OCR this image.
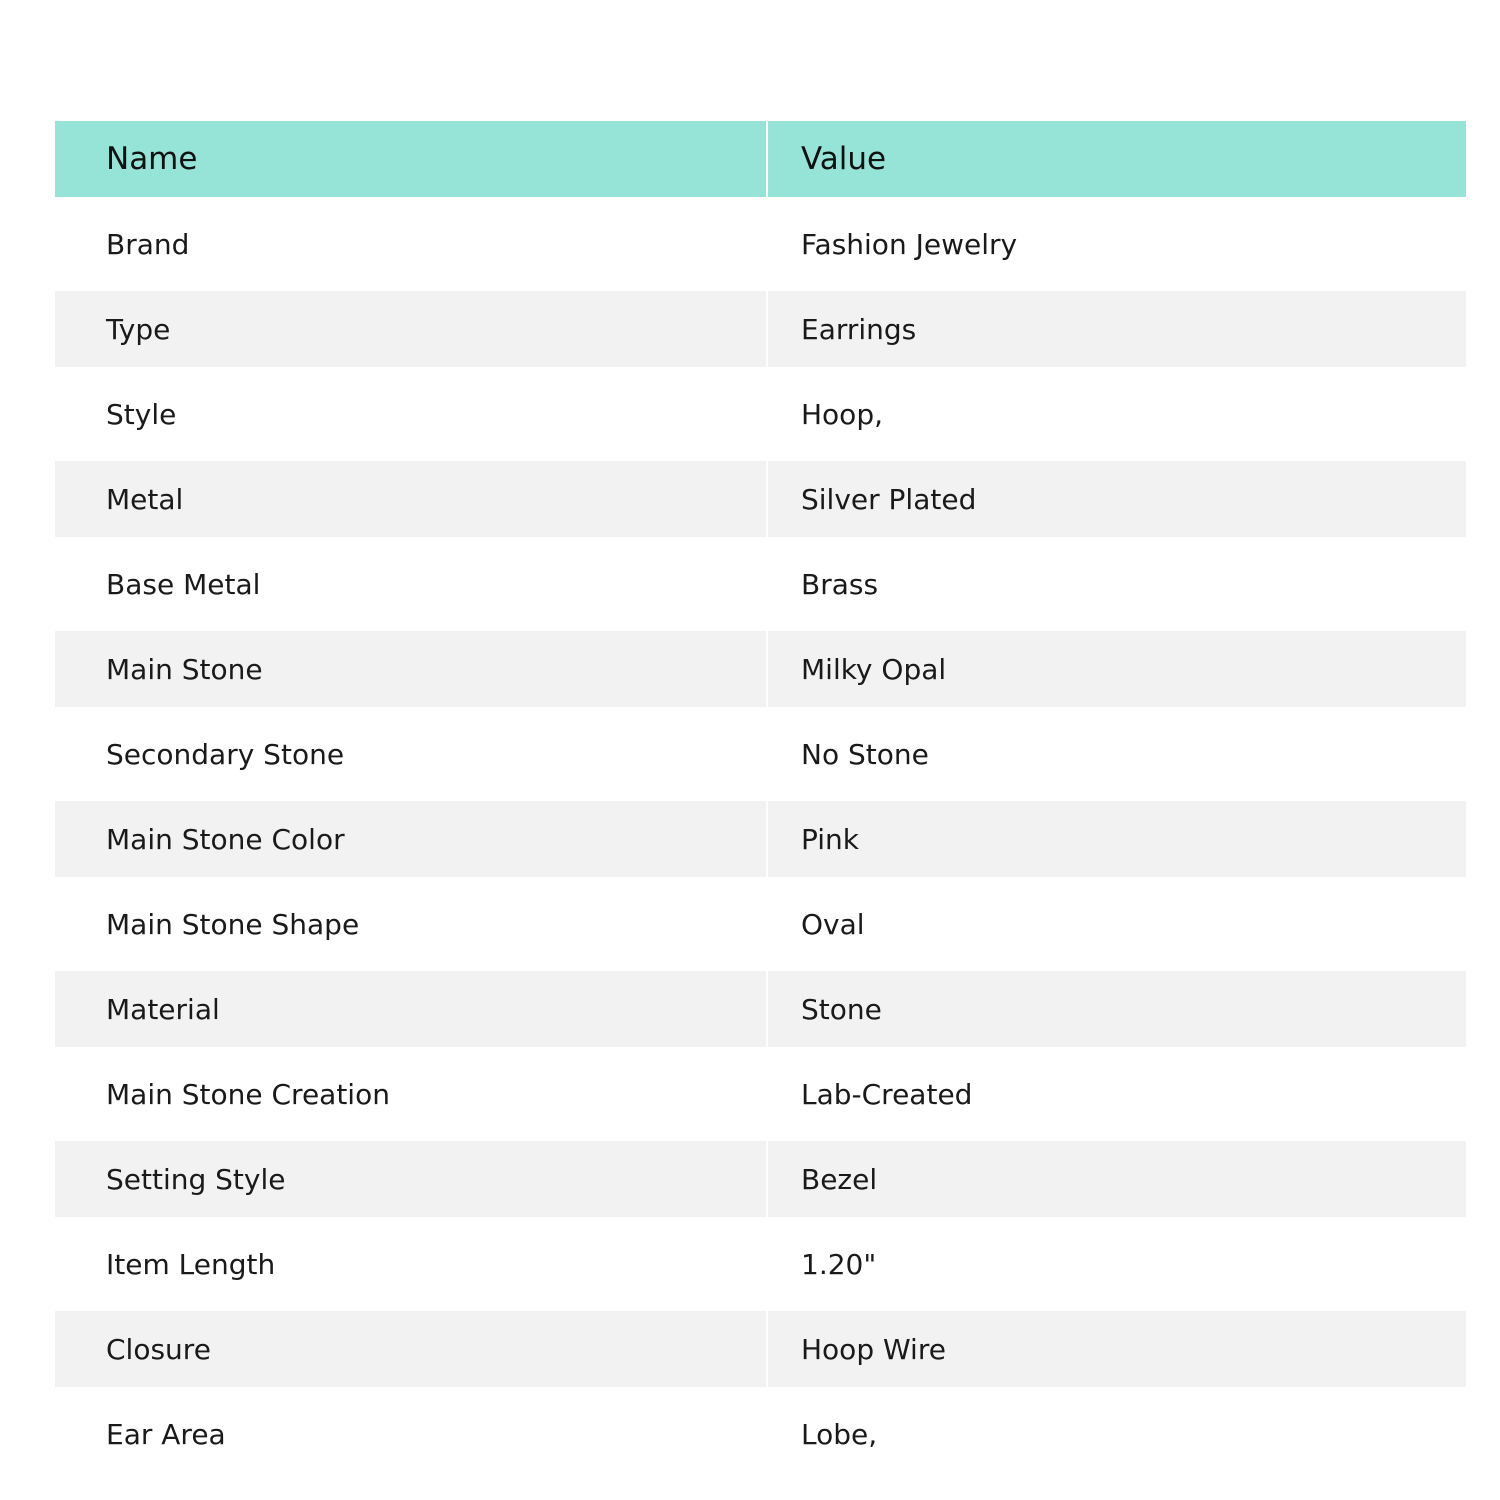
Name	Value
Brand	Fashion Jewelry
Type	Earrings
Style	Hoop,
Metal	Silver Plated
Base Metal	Brass
Main Stone	Milky Opal
Secondary Stone	No Stone
Main Stone Color	Pink
Main Stone Shape	Oval
Material	Stone
Main Stone Creation	Lab-Created
Setting Style	Bezel
Item Length	1.20"
Closure	Hoop Wire
Ear Area	Lobe,
